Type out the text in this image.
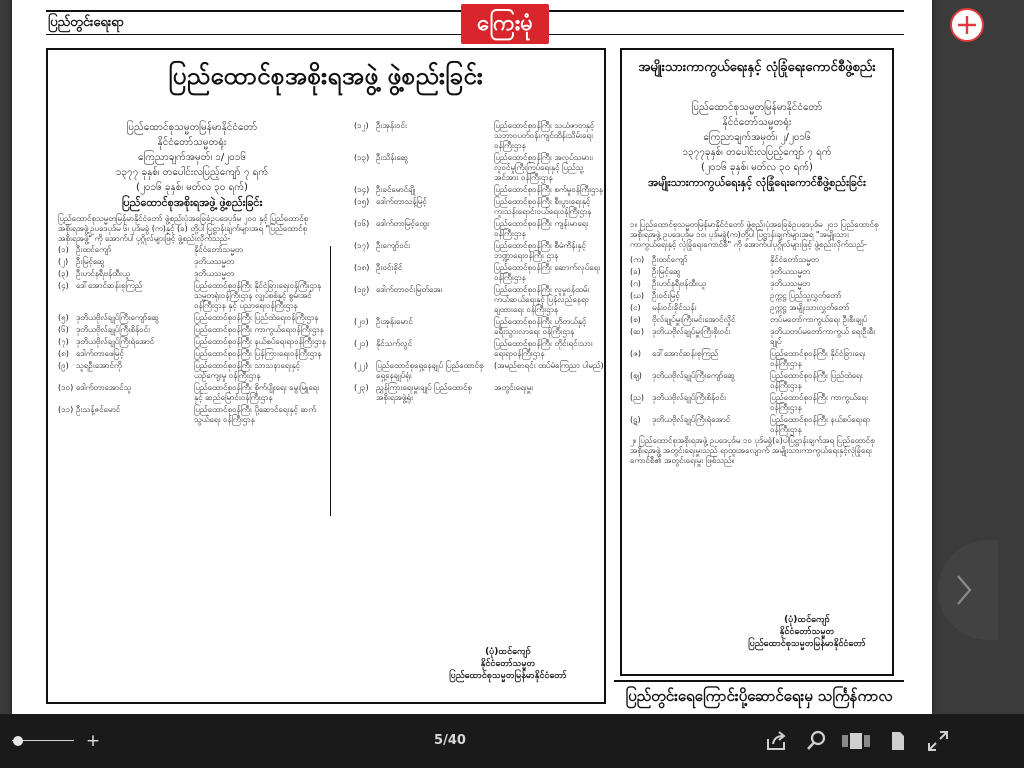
ပြည်တွင်းရေးရာ	ကြေးမုံ
ပြည်ထောင်စုအစိုးရအဖွဲ့ ဖွဲ့စည်းခြင်း
ပြည်ထောင်စုသမ္မတမြန်မာနိုင်ငံတော်
နိုင်ငံတော်သမ္မတရုံး
ကြေညာချက်အမှတ်၊ ၁/၂၀၁၆
၁၃၇၇ ခုနှစ်၊ တပေါင်းလပြည့်ကျော် ၇ ရက်
(၂၀၁၆ ခုနှစ်၊ မတ်လ ၃၀ ရက်)
ပြည်ထောင်စုအစိုးရအဖွဲ့ ဖွဲ့စည်းခြင်း
ပြည်ထောင်စုသမ္မတမြန်မာနိုင်ငံတော် ဖွဲ့စည်းပုံအခြေခံဥပဒေပုဒ်မ ၂၀၀ နှင့် ပြည်ထောင်စုအစိုးရအဖွဲ့ဥပဒေပုဒ်မ ၆၊ ပုဒ်မခွဲ (က)နှင့် (ခ) တို့ပါ ပြဋ္ဌာန်းချက်များအရ "ပြည်ထောင်စုအစိုးရအဖွဲ့" ကို အောက်ပါ ပုဂ္ဂိုလ်များဖြင့် ဖွဲ့စည်းလိုက်သည်-
(၁)	ဦးထင်ကျော်	နိုင်ငံတော်သမ္မတ
(၂)	ဦးမြင့်ဆွေ	ဒုတိယသမ္မတ
(၃)	ဦးဟင်နရီဗန်ထီးယူ	ဒုတိယသမ္မတ
(၄)	ဒေါ်အောင်ဆန်းစုကြည်	ပြည်ထောင်စုဝန်ကြီး နိုင်ငံခြားရေးဝန်ကြီးဌာန သမ္မတရုံးဝန်ကြီးဌာန လျှပ်စစ်နှင့် စွမ်းအင်ဝန်ကြီးဌာန နှင့် ပညာရေးဝန်ကြီးဌာန
(၅)	ဒုတိယဗိုလ်ချုပ်ကြီးကျော်ဆွေ	ပြည်ထောင်စုဝန်ကြီး ပြည်ထဲရေးဝန်ကြီးဌာန
(၆)	ဒုတိယဗိုလ်ချုပ်ကြီးစိန်ဝင်း	ပြည်ထောင်စုဝန်ကြီး ကာကွယ်ရေးဝန်ကြီးဌာန
(၇)	ဒုတိယဗိုလ်ချုပ်ကြီးရဲအောင်	ပြည်ထောင်စုဝန်ကြီး နယ်စပ်ရေးရာဝန်ကြီးဌာန
(၈)	ဒေါက်တာဖေမြင့်	ပြည်ထောင်စုဝန်ကြီး ပြန်ကြားရေးဝန်ကြီးဌာန
(၉)	သူရဦးအောင်ကို	ပြည်ထောင်စုဝန်ကြီး သာသနာရေးနှင့်ယဉ်ကျေးမှု ဝန်ကြီးဌာန
(၁၀)	ဒေါက်တာအောင်သူ	ပြည်ထောင်စုဝန်ကြီး စိုက်ပျိုးရေး မွေးမြူရေးနှင့် ဆည်မြောင်းဝန်ကြီးဌာန
(၁၁)	ဦးသန့်ဇင်မောင်	ပြည်ထောင်စုဝန်ကြီး ပို့ဆောင်ရေးနှင့် ဆက်သွယ်ရေး ဝန်ကြီးဌာန
(၁၂)	ဦးအုန်းဝင်း	ပြည်ထောင်စုဝန်ကြီး သယံဇာတနှင့် သဘာဝပတ်ဝန်းကျင်ထိန်းသိမ်းရေးဝန်ကြီးဌာန
(၁၃)	ဦးသိန်းဆွေ	ပြည်ထောင်စုဝန်ကြီး အလုပ်သမား၊ လူဝင်မှုကြီးကြပ်ရေးနှင့် ပြည်သူ့အင်အား ဝန်ကြီးဌာန
(၁၄)	ဦးခင်မောင်ချို	ပြည်ထောင်စုဝန်ကြီး စက်မှုဝန်ကြီးဌာန
(၁၅)	ဒေါက်တာသန့်မြင့်	ပြည်ထောင်စုဝန်ကြီး စီးပွားရေးနှင့် ကူးသန်းရောင်းဝယ်ရေးဝန်ကြီးဌာန
(၁၆)	ဒေါက်တာမြင့်ထွေး	ပြည်ထောင်စုဝန်ကြီး ကျန်းမာရေးဝန်ကြီးဌာန
(၁၇)	ဦးကျော်ဝင်း	ပြည်ထောင်စုဝန်ကြီး စီမံကိန်းနှင့် ဘဏ္ဍာရေးဝန်ကြီး ဌာန
(၁၈)	ဦးဝင်းခိုင်	ပြည်ထောင်စုဝန်ကြီး ဆောက်လုပ်ရေးဝန်ကြီးဌာန
(၁၉)	ဒေါက်တာဝင်းမြတ်အေး	ပြည်ထောင်စုဝန်ကြီး လူမှုဝန်ထမ်း ကယ်ဆယ်ရေးနှင့် ပြန်လည်နေရာချထားရေး ဝန်ကြီးဌာန
(၂၀)	ဦးအုန်းမောင်	ပြည်ထောင်စုဝန်ကြီး ဟိုတယ်နှင့် ခရီးသွားလာရေး ဝန်ကြီးဌာန
(၂၁)	နိုင်သက်လွင်	ပြည်ထောင်စုဝန်ကြီး တိုင်းရင်းသားရေးရာဝန်ကြီးဌာန
(၂၂)	ပြည်ထောင်စုရှေ့နေချုပ် ပြည်ထောင်စုရှေ့နေချုပ်ရုံး	(အမည်စာရင်း ထပ်မံကြေညာ ပါမည်)
(၂၃)	ညွှန်ကြားရေးမှူးချုပ် ပြည်ထောင်စုအစိုးရအဖွဲ့ရုံး	အတွင်းရေးမှူး
(ပုံ)ထင်ကျော်
နိုင်ငံတော်သမ္မတ
ပြည်ထောင်စုသမ္မတမြန်မာနိုင်ငံတော်
အမျိုးသားကာကွယ်ရေးနှင့် လုံခြုံရေးကောင်စီဖွဲ့စည်း
ပြည်ထောင်စုသမ္မတမြန်မာနိုင်ငံတော်
နိုင်ငံတော်သမ္မတရုံး
ကြေညာချက်အမှတ်၊ ၂/၂၀၁၆
၁၃၇၇ခုနှစ်၊ တပေါင်းလပြည့်ကျော် ၇ ရက်
(၂၀၁၆ ခုနှစ်၊ မတ်လ ၃၀ ရက်)
အမျိုးသားကာကွယ်ရေးနှင့် လုံခြုံရေးကောင်စီဖွဲ့စည်းခြင်း
၁။ ပြည်ထောင်စုသမ္မတမြန်မာနိုင်ငံတော် ဖွဲ့စည်းပုံအခြေခံဥပဒေပုဒ်မ ၂၀၁ ပြည်ထောင်စုအစိုးရအဖွဲ့ ဥပဒေပုဒ်မ ၁၀၊ ပုဒ်မခွဲ(က)တို့ပါ ပြဋ္ဌာန်းချက်များအရ "အမျိုးသားကာကွယ်ရေးနှင့် လုံခြုံရေးကောင်စီ" ကို အောက်ပါပုဂ္ဂိုလ်များဖြင့် ဖွဲ့စည်းလိုက်သည်-
(က)	ဦးထင်ကျော်	နိုင်ငံတော်သမ္မတ
(ခ)	ဦးမြင့်ဆွေ	ဒုတိယသမ္မတ
(ဂ)	ဦးဟင်နရီဗန်ထီးယူ	ဒုတိယသမ္မတ
(ဃ)	ဦးဝင်းမြင့်	ဥက္ကဋ္ဌ ပြည်သူ့လွှတ်တော်
(င)	မန်းဝင်းခိုင်သန်း	ဥက္ကဋ္ဌ အမျိုးသားလွှတ်တော်
(စ)	ဗိုလ်ချုပ်မှူးကြီးမင်းအောင်လှိုင်	တပ်မတော်ကာကွယ်ရေး ဦးစီးချုပ်
(ဆ)	ဒုတိယဗိုလ်ချုပ်မှူးကြီးစိုးဝင်း	ဒုတိယတပ်မတော်ကာကွယ် ရေးဦးစီးချုပ်
(ဇ)	ဒေါ်အောင်ဆန်းစုကြည်	ပြည်ထောင်စုဝန်ကြီး နိုင်ငံခြားရေးဝန်ကြီးဌာန
(ဈ)	ဒုတိယဗိုလ်ချုပ်ကြီးကျော်ဆွေ	ပြည်ထောင်စုဝန်ကြီး ပြည်ထဲရေးဝန်ကြီးဌာန
(ည)	ဒုတိယဗိုလ်ချုပ်ကြီးစိန်ဝင်း	ပြည်ထောင်စုဝန်ကြီး ကာကွယ်ရေးဝန်ကြီးဌာန
(ဋ)	ဒုတိယဗိုလ်ချုပ်ကြီးရဲအောင်	ပြည်ထောင်စုဝန်ကြီး နယ်စပ်ရေးရာဝန်ကြီးဌာန
၂။ ပြည်ထောင်စုအစိုးရအဖွဲ့ ဥပဒေပုဒ်မ ၁၀ ပုဒ်မခွဲ(ခ)ပါပြဋ္ဌာန်းချက်အရ ပြည်ထောင်စုအစိုးရအဖွဲ့ အတွင်းရေးမှူးသည် ရာထူးအလျောက် အမျိုးသားကာကွယ်ရေးနှင့်လုံခြုံရေးကောင်စီ၏ အတွင်းရေးမှူး ဖြစ်သည်။
(ပုံ)ထင်ကျော်
နိုင်ငံတော်သမ္မတ
ပြည်ထောင်စုသမ္မတမြန်မာနိုင်ငံတော်
ပြည်တွင်းရေကြောင်းပို့ဆောင်ရေးမှ သင်္ကြန်ကာလ
+	5/40
